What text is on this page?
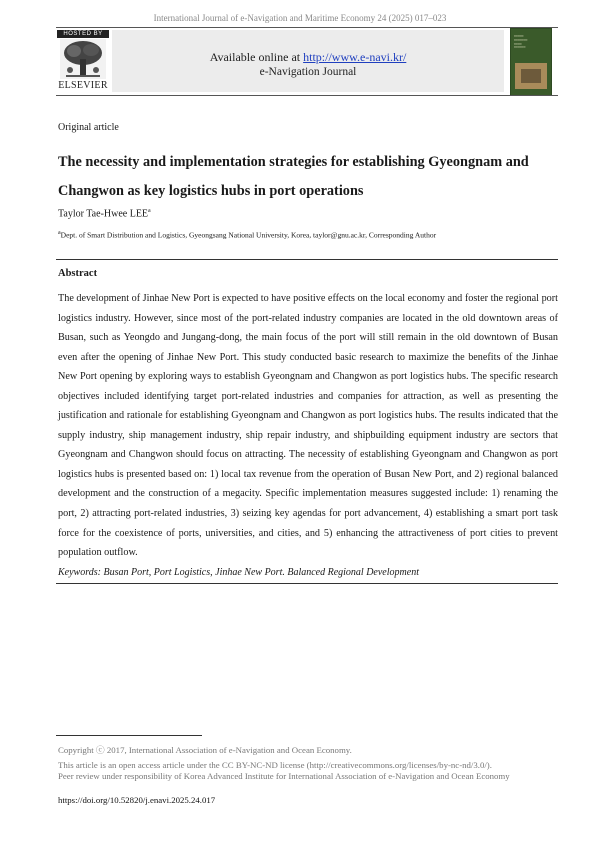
International Journal of e-Navigation and Maritime Economy 24 (2025) 017–023
HOSTED BY
ELSEVIER
Available online at http://www.e-navi.kr/
e-Navigation Journal
━━━━━
━━━━━━━
━━━━
━━━━━━
Original article
The necessity and implementation strategies for establishing Gyeongnam and Changwon as key logistics hubs in port operations
Taylor Tae-Hwee LEE$^a$
$^a$Dept. of Smart Distribution and Logistics, Gyeongsang National University, Korea, taylor@gnu.ac.kr, Corresponding Author
Abstract

The development of Jinhae New Port is expected to have positive effects on the local economy and foster the regional port logistics industry. However, since most of the port-related industry companies are located in the old downtown areas of Busan, such as Yeongdo and Jungang-dong, the main focus of the port will still remain in the old downtown of Busan even after the opening of Jinhae New Port. This study conducted basic research to maximize the benefits of the Jinhae New Port opening by exploring ways to establish Gyeongnam and Changwon as port logistics hubs. The specific research objectives included identifying target port-related industries and companies for attraction, as well as presenting the justification and rationale for establishing Gyeongnam and Changwon as port logistics hubs. The results indicated that the supply industry, ship management industry, ship repair industry, and shipbuilding equipment industry are sectors that Gyeongnam and Changwon should focus on attracting. The necessity of establishing Gyeongnam and Changwon as port logistics hubs is presented based on: 1) local tax revenue from the operation of Busan New Port, and 2) regional balanced development and the construction of a megacity. Specific implementation measures suggested include: 1) renaming the port, 2) attracting port-related industries, 3) seizing key agendas for port advancement, 4) establishing a smart port task force for the coexistence of ports, universities, and cities, and 5) enhancing the attractiveness of port cities to prevent population outflow.

Keywords: Busan Port, Port Logistics, Jinhae New Port. Balanced Regional Development
Copyright ⓒ 2017, International Association of e-Navigation and Ocean Economy.
This article is an open access article under the CC BY-NC-ND license (http://creativecommons.org/licenses/by-nc-nd/3.0/).
Peer review under responsibility of Korea Advanced Institute for International Association of e-Navigation and Ocean Economy
https://doi.org/10.52820/j.enavi.2025.24.017
